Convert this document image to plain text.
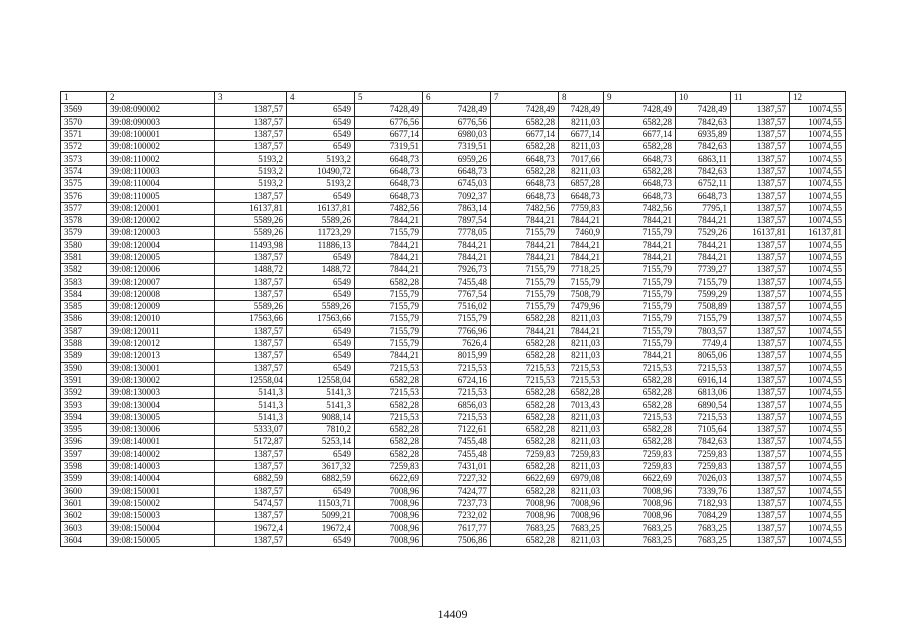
1	2	3	4	5	6	7	8	9	10	11	12
3569	39:08:090002	1387,57	6549	7428,49	7428,49	7428,49	7428,49	7428,49	7428,49	1387,57	10074,55
3570	39:08:090003	1387,57	6549	6776,56	6776,56	6582,28	8211,03	6582,28	7842,63	1387,57	10074,55
3571	39:08:100001	1387,57	6549	6677,14	6980,03	6677,14	6677,14	6677,14	6935,89	1387,57	10074,55
3572	39:08:100002	1387,57	6549	7319,51	7319,51	6582,28	8211,03	6582,28	7842,63	1387,57	10074,55
3573	39:08:110002	5193,2	5193,2	6648,73	6959,26	6648,73	7017,66	6648,73	6863,11	1387,57	10074,55
3574	39:08:110003	5193,2	10490,72	6648,73	6648,73	6582,28	8211,03	6582,28	7842,63	1387,57	10074,55
3575	39:08:110004	5193,2	5193,2	6648,73	6745,03	6648,73	6857,28	6648,73	6752,11	1387,57	10074,55
3576	39:08:110005	1387,57	6549	6648,73	7092,37	6648,73	6648,73	6648,73	6648,73	1387,57	10074,55
3577	39:08:120001	16137,81	16137,81	7482,56	7863,14	7482,56	7759,83	7482,56	7795,1	1387,57	10074,55
3578	39:08:120002	5589,26	5589,26	7844,21	7897,54	7844,21	7844,21	7844,21	7844,21	1387,57	10074,55
3579	39:08:120003	5589,26	11723,29	7155,79	7778,05	7155,79	7460,9	7155,79	7529,26	16137,81	16137,81
3580	39:08:120004	11493,98	11886,13	7844,21	7844,21	7844,21	7844,21	7844,21	7844,21	1387,57	10074,55
3581	39:08:120005	1387,57	6549	7844,21	7844,21	7844,21	7844,21	7844,21	7844,21	1387,57	10074,55
3582	39:08:120006	1488,72	1488,72	7844,21	7926,73	7155,79	7718,25	7155,79	7739,27	1387,57	10074,55
3583	39:08:120007	1387,57	6549	6582,28	7455,48	7155,79	7155,79	7155,79	7155,79	1387,57	10074,55
3584	39:08:120008	1387,57	6549	7155,79	7767,54	7155,79	7508,79	7155,79	7599,29	1387,57	10074,55
3585	39:08:120009	5589,26	5589,26	7155,79	7516,02	7155,79	7479,96	7155,79	7508,89	1387,57	10074,55
3586	39:08:120010	17563,66	17563,66	7155,79	7155,79	6582,28	8211,03	7155,79	7155,79	1387,57	10074,55
3587	39:08:120011	1387,57	6549	7155,79	7766,96	7844,21	7844,21	7155,79	7803,57	1387,57	10074,55
3588	39:08:120012	1387,57	6549	7155,79	7626,4	6582,28	8211,03	7155,79	7749,4	1387,57	10074,55
3589	39:08:120013	1387,57	6549	7844,21	8015,99	6582,28	8211,03	7844,21	8065,06	1387,57	10074,55
3590	39:08:130001	1387,57	6549	7215,53	7215,53	7215,53	7215,53	7215,53	7215,53	1387,57	10074,55
3591	39:08:130002	12558,04	12558,04	6582,28	6724,16	7215,53	7215,53	6582,28	6916,14	1387,57	10074,55
3592	39:08:130003	5141,3	5141,3	7215,53	7215,53	6582,28	6582,28	6582,28	6813,06	1387,57	10074,55
3593	39:08:130004	5141,3	5141,3	6582,28	6856,03	6582,28	7013,43	6582,28	6890,54	1387,57	10074,55
3594	39:08:130005	5141,3	9088,14	7215,53	7215,53	6582,28	8211,03	7215,53	7215,53	1387,57	10074,55
3595	39:08:130006	5333,07	7810,2	6582,28	7122,61	6582,28	8211,03	6582,28	7105,64	1387,57	10074,55
3596	39:08:140001	5172,87	5253,14	6582,28	7455,48	6582,28	8211,03	6582,28	7842,63	1387,57	10074,55
3597	39:08:140002	1387,57	6549	6582,28	7455,48	7259,83	7259,83	7259,83	7259,83	1387,57	10074,55
3598	39:08:140003	1387,57	3617,32	7259,83	7431,01	6582,28	8211,03	7259,83	7259,83	1387,57	10074,55
3599	39:08:140004	6882,59	6882,59	6622,69	7227,32	6622,69	6979,08	6622,69	7026,03	1387,57	10074,55
3600	39:08:150001	1387,57	6549	7008,96	7424,77	6582,28	8211,03	7008,96	7339,76	1387,57	10074,55
3601	39:08:150002	5474,57	11503,71	7008,96	7237,73	7008,96	7008,96	7008,96	7182,93	1387,57	10074,55
3602	39:08:150003	1387,57	5099,21	7008,96	7232,02	7008,96	7008,96	7008,96	7084,29	1387,57	10074,55
3603	39:08:150004	19672,4	19672,4	7008,96	7617,77	7683,25	7683,25	7683,25	7683,25	1387,57	10074,55
3604	39:08:150005	1387,57	6549	7008,96	7506,86	6582,28	8211,03	7683,25	7683,25	1387,57	10074,55
14409
